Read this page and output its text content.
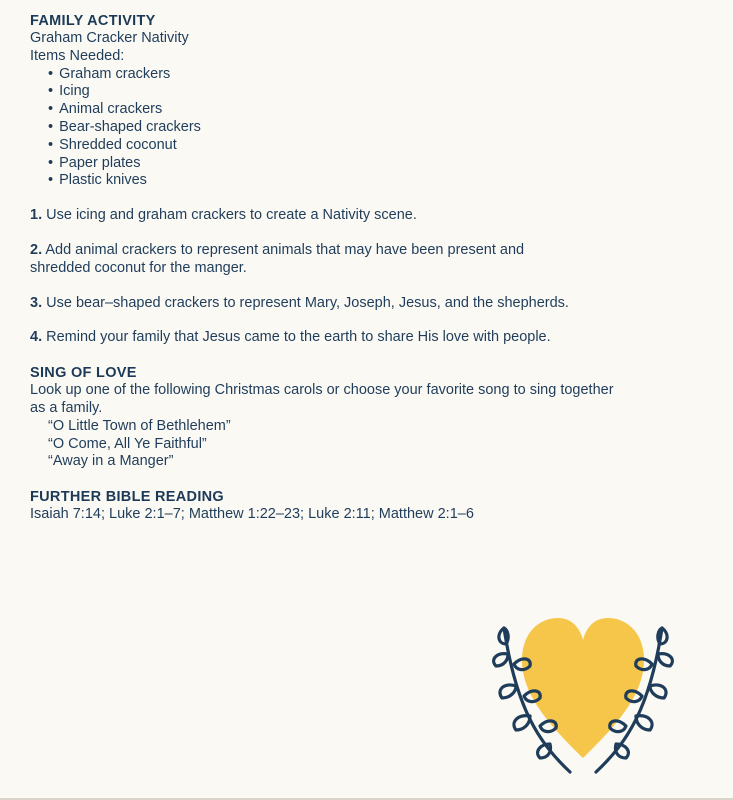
FAMILY ACTIVITY

Graham Cracker Nativity

Items Needed:

• Graham crackers
• Icing
• Animal crackers
• Bear-shaped crackers
• Shredded coconut
• Paper plates
• Plastic knives

1. Use icing and graham crackers to create a Nativity scene.

2. Add animal crackers to represent animals that may have been present and

shredded coconut for the manger.

3. Use bear–shaped crackers to represent Mary, Joseph, Jesus, and the shepherds.

4. Remind your family that Jesus came to the earth to share His love with people.

SING OF LOVE

Look up one of the following Christmas carols or choose your favorite song to sing together

as a family.

“O Little Town of Bethlehem”
“O Come, All Ye Faithful”
“Away in a Manger”

FURTHER BIBLE READING

Isaiah 7:14; Luke 2:1–7; Matthew 1:22–23; Luke 2:11; Matthew 2:1–6
